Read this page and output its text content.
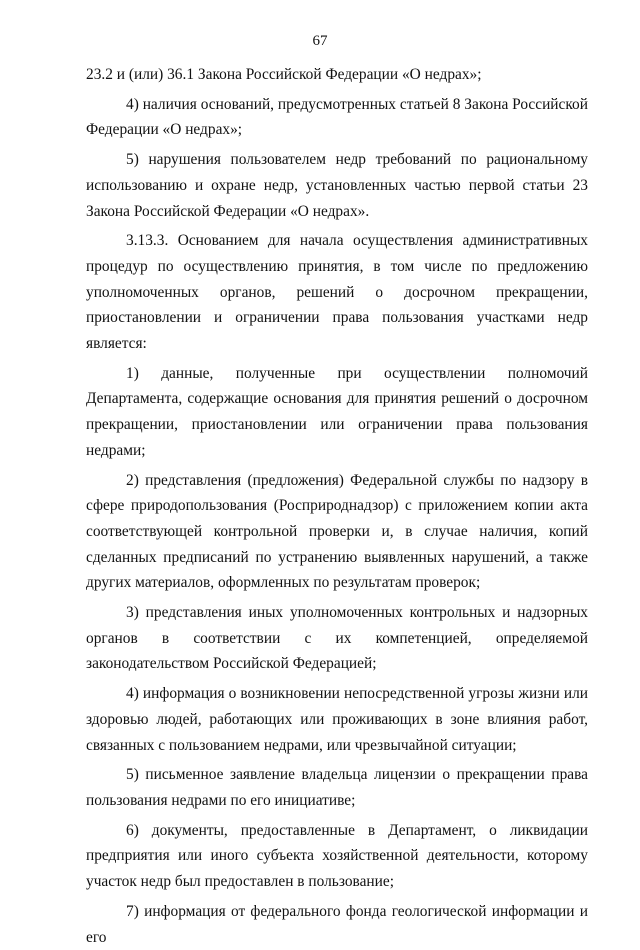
67

23.2 и (или) 36.1 Закона Российской Федерации «О недрах»;

4) наличия оснований, предусмотренных статьей 8 Закона Российской Федерации «О недрах»;

5) нарушения пользователем недр требований по рациональному использованию и охране недр, установленных частью первой статьи 23 Закона Российской Федерации «О недрах».

3.13.3. Основанием для начала осуществления административных процедур по осуществлению принятия, в том числе по предложению уполномоченных органов, решений о досрочном прекращении, приостановлении и ограничении права пользования участками недр является:

1) данные, полученные при осуществлении полномочий Департамента, содержащие основания для принятия решений о досрочном прекращении, приостановлении или ограничении права пользования недрами;

2) представления (предложения) Федеральной службы по надзору в сфере природопользования (Росприроднадзор) с приложением копии акта соответствующей контрольной проверки и, в случае наличия, копий сделанных предписаний по устранению выявленных нарушений, а также других материалов, оформленных по результатам проверок;

3) представления иных уполномоченных контрольных и надзорных органов в соответствии с их компетенцией, определяемой законодательством Российской Федерацией;

4) информация о возникновении непосредственной угрозы жизни или здоровью людей, работающих или проживающих в зоне влияния работ, связанных с пользованием недрами, или чрезвычайной ситуации;

5) письменное заявление владельца лицензии о прекращении права пользования недрами по его инициативе;

6) документы, предоставленные в Департамент, о ликвидации предприятия или иного субъекта хозяйственной деятельности, которому участок недр был предоставлен в пользование;

7) информация от федерального фонда геологической информации и его
